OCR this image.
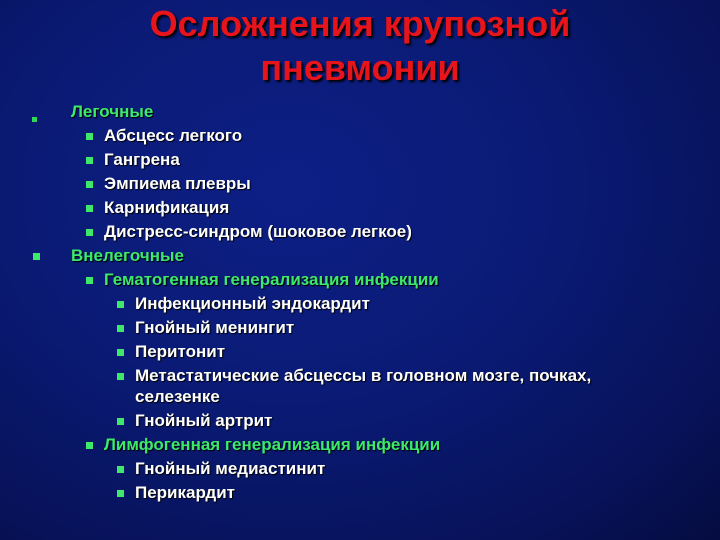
Осложнения крупозной
пневмонии
Легочные
Абсцесс легкого
Гангрена
Эмпиема плевры
Карнификация
Дистресс-синдром (шоковое легкое)
Внелегочные
Гематогенная генерализация инфекции
Инфекционный эндокардит
Гнойный менингит
Перитонит
Метастатические абсцессы в головном мозге, почках,
селезенке
Гнойный артрит
Лимфогенная генерализация инфекции
Гнойный медиастинит
Перикардит
